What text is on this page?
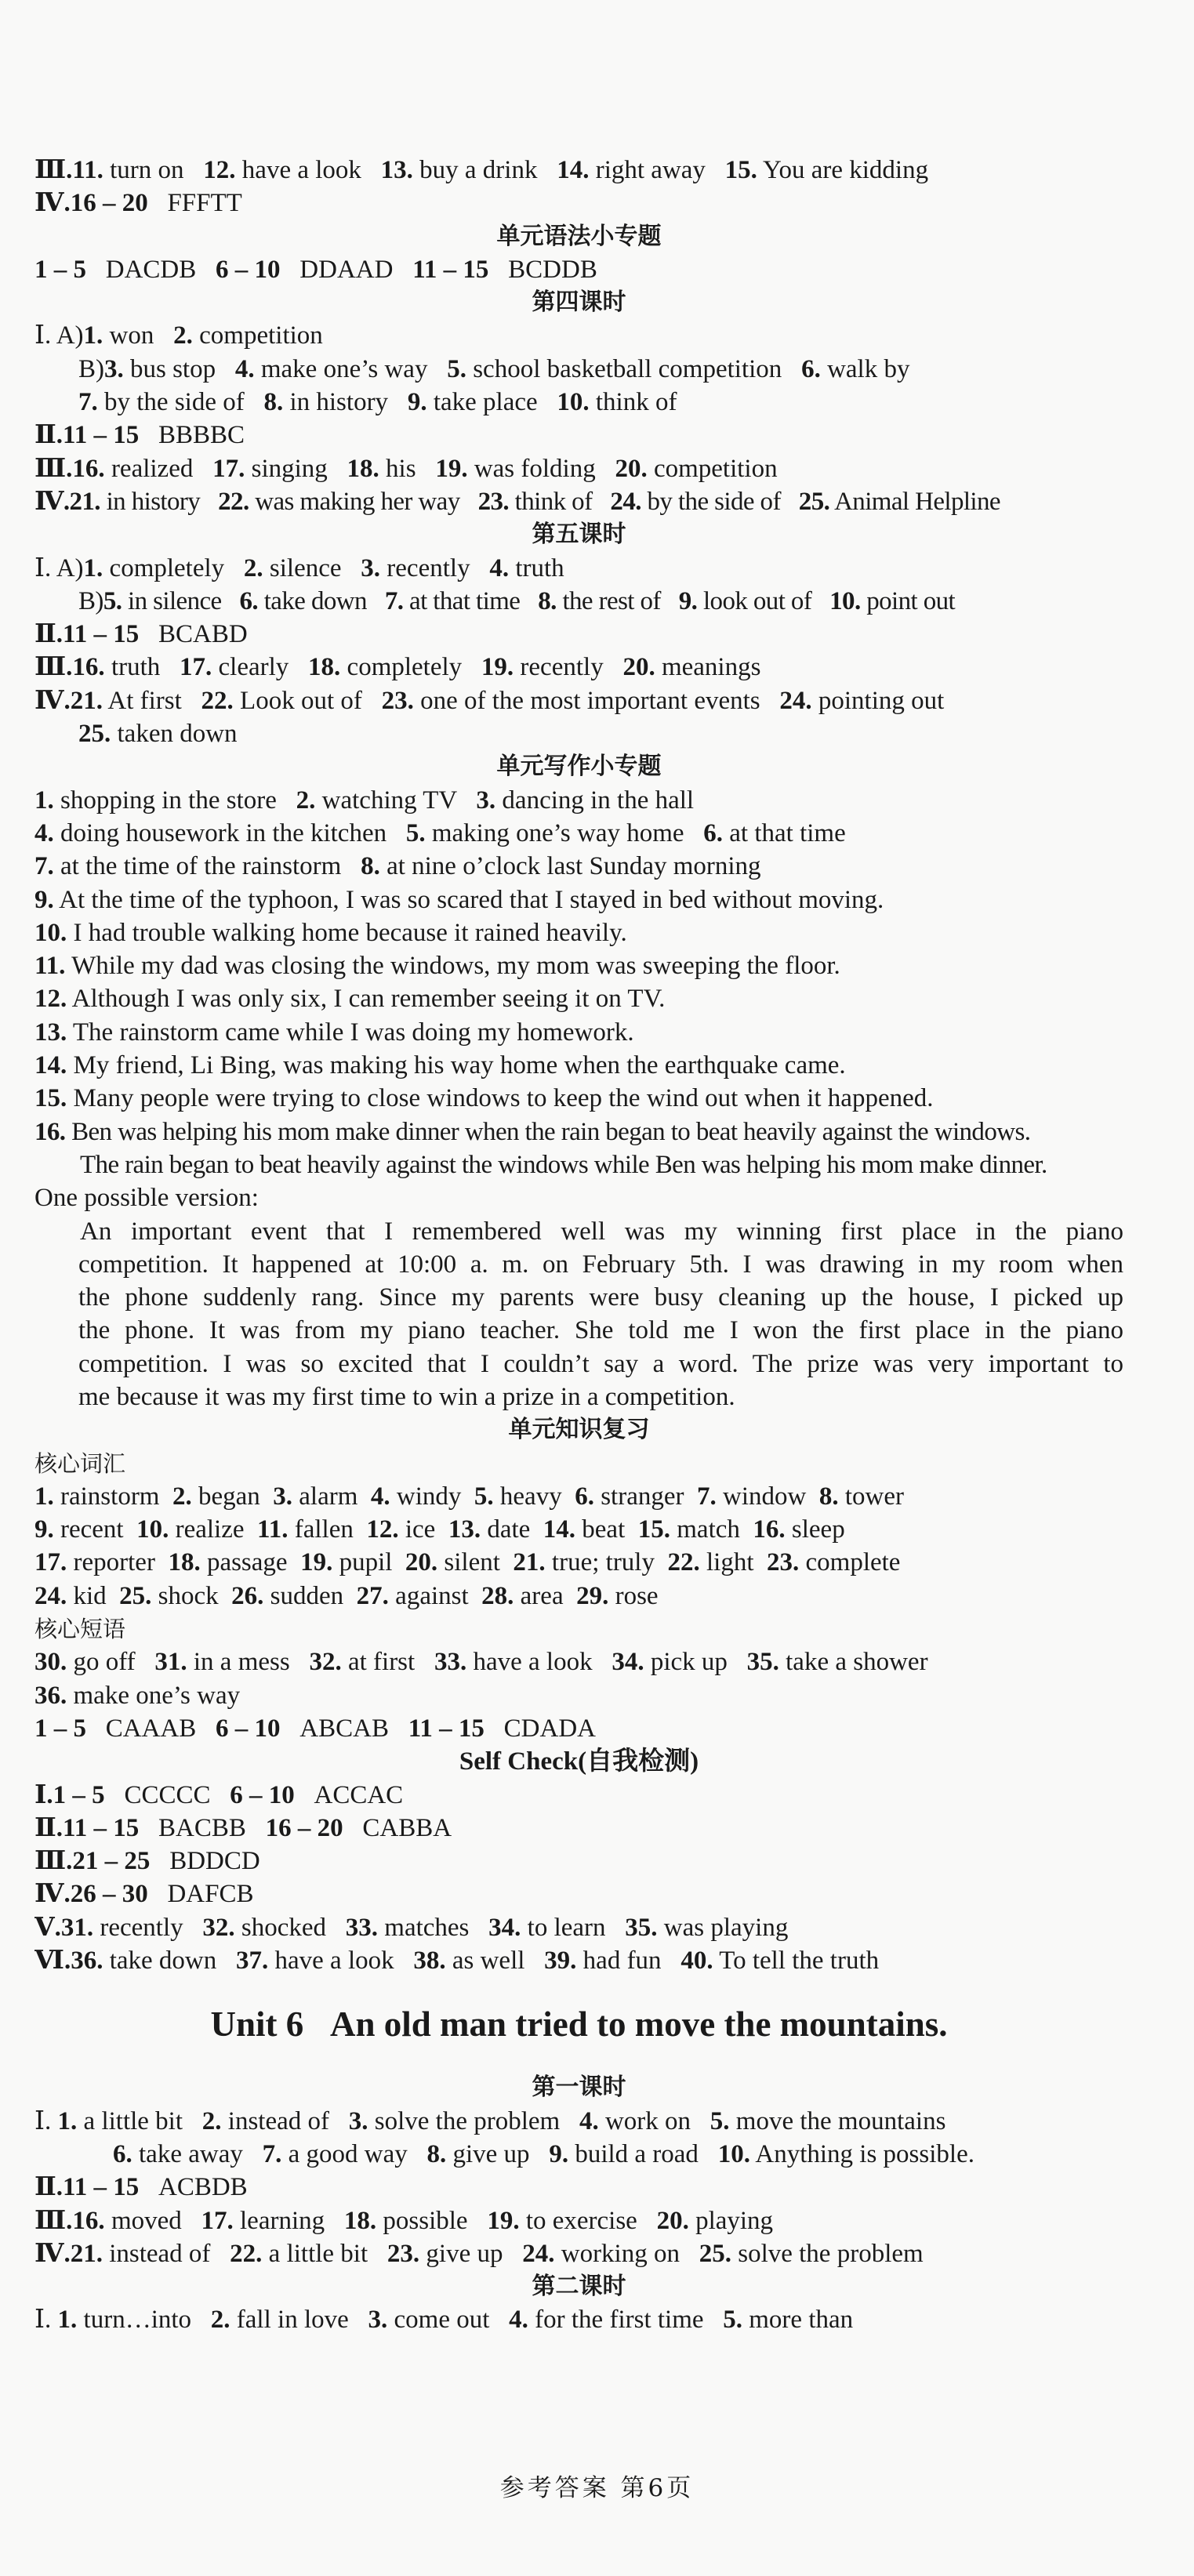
Ⅲ.11. turn on   12. have a look   13. buy a drink   14. right away   15. You are kidding
Ⅳ.16 – 20   FFFTT
单元语法小专题
1 – 5   DACDB   6 – 10   DDAAD   11 – 15   BCDDB
第四课时
Ⅰ. A)1. won   2. competition
B)3. bus stop   4. make one’s way   5. school basketball competition   6. walk by
7. by the side of   8. in history   9. take place   10. think of
Ⅱ.11 – 15   BBBBC
Ⅲ.16. realized   17. singing   18. his   19. was folding   20. competition
Ⅳ.21. in history   22. was making her way   23. think of   24. by the side of   25. Animal Helpline
第五课时
Ⅰ. A)1. completely   2. silence   3. recently   4. truth
B)5. in silence   6. take down   7. at that time   8. the rest of   9. look out of   10. point out
Ⅱ.11 – 15   BCABD
Ⅲ.16. truth   17. clearly   18. completely   19. recently   20. meanings
Ⅳ.21. At first   22. Look out of   23. one of the most important events   24. pointing out
25. taken down
单元写作小专题
1. shopping in the store   2. watching TV   3. dancing in the hall
4. doing housework in the kitchen   5. making one’s way home   6. at that time
7. at the time of the rainstorm   8. at nine o’clock last Sunday morning
9. At the time of the typhoon, I was so scared that I stayed in bed without moving.
10. I had trouble walking home because it rained heavily.
11. While my dad was closing the windows, my mom was sweeping the floor.
12. Although I was only six, I can remember seeing it on TV.
13. The rainstorm came while I was doing my homework.
14. My friend, Li Bing, was making his way home when the earthquake came.
15. Many people were trying to close windows to keep the wind out when it happened.
16. Ben was helping his mom make dinner when the rain began to beat heavily against the windows.
The rain began to beat heavily against the windows while Ben was helping his mom make dinner.
One possible version:
An important event that I remembered well was my winning first place in the piano
competition. It happened at 10:00 a. m. on February 5th. I was drawing in my room when
the phone suddenly rang. Since my parents were busy cleaning up the house, I picked up
the phone. It was from my piano teacher. She told me I won the first place in the piano
competition. I was so excited that I couldn’t say a word. The prize was very important to
me because it was my first time to win a prize in a competition.
单元知识复习
核心词汇
1. rainstorm  2. began  3. alarm  4. windy  5. heavy  6. stranger  7. window  8. tower
9. recent  10. realize  11. fallen  12. ice  13. date  14. beat  15. match  16. sleep
17. reporter  18. passage  19. pupil  20. silent  21. true; truly  22. light  23. complete
24. kid  25. shock  26. sudden  27. against  28. area  29. rose
核心短语
30. go off   31. in a mess   32. at first   33. have a look   34. pick up   35. take a shower
36. make one’s way
1 – 5   CAAAB   6 – 10   ABCAB   11 – 15   CDADA
Self Check(自我检测)
Ⅰ.1 – 5   CCCCC   6 – 10   ACCAC
Ⅱ.11 – 15   BACBB   16 – 20   CABBA
Ⅲ.21 – 25   BDDCD
Ⅳ.26 – 30   DAFCB
Ⅴ.31. recently   32. shocked   33. matches   34. to learn   35. was playing
Ⅵ.36. take down   37. have a look   38. as well   39. had fun   40. To tell the truth
Unit 6   An old man tried to move the mountains.
第一课时
Ⅰ. 1. a little bit   2. instead of   3. solve the problem   4. work on   5. move the mountains
6. take away   7. a good way   8. give up   9. build a road   10. Anything is possible.
Ⅱ.11 – 15   ACBDB
Ⅲ.16. moved   17. learning   18. possible   19. to exercise   20. playing
Ⅳ.21. instead of   22. a little bit   23. give up   24. working on   25. solve the problem
第二课时
Ⅰ. 1. turn…into   2. fall in love   3. come out   4. for the first time   5. more than
参考答案 第6页
